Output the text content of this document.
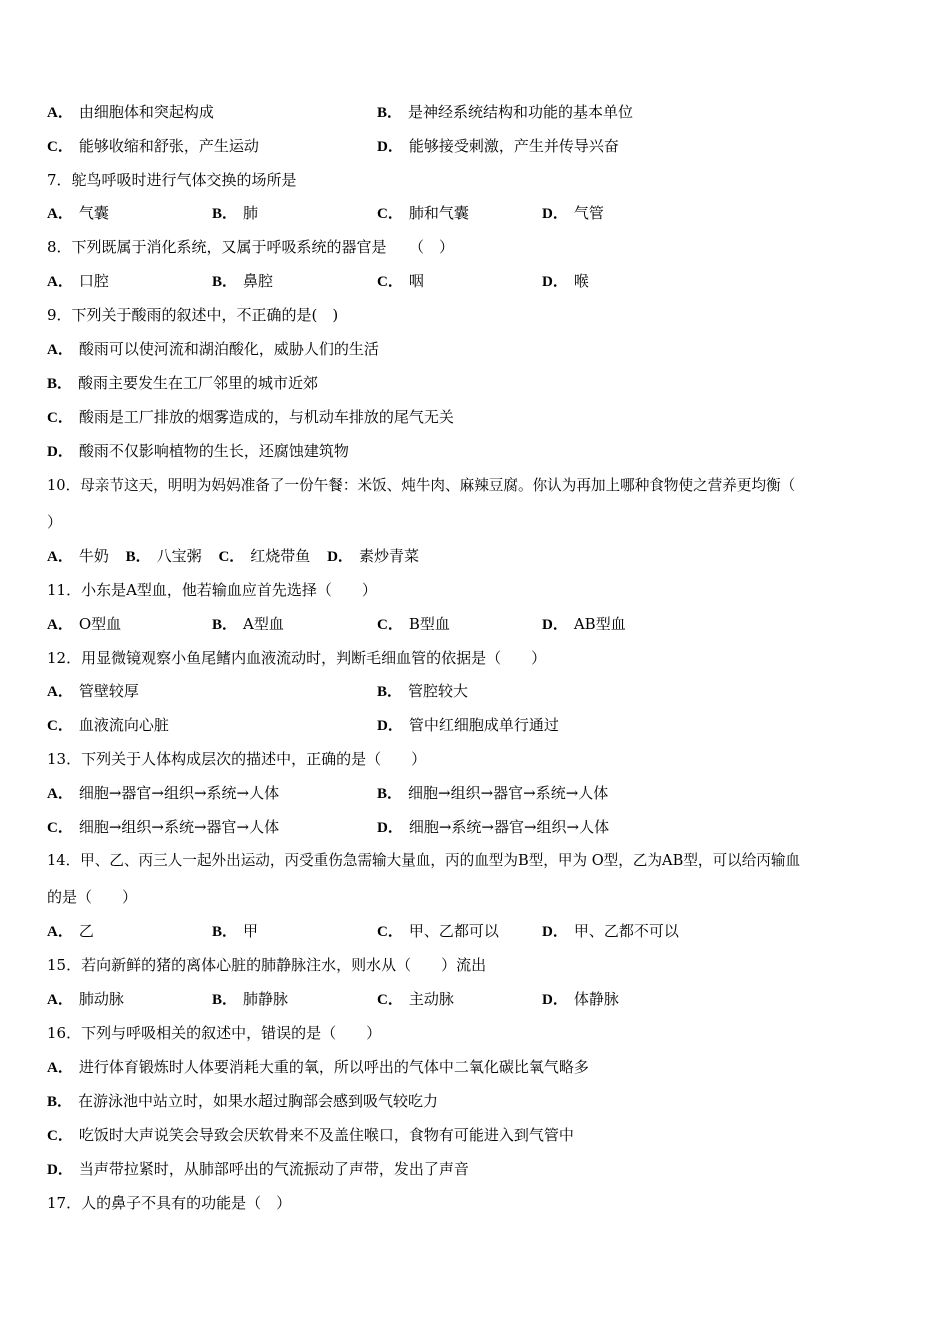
A． 由细胞体和突起构成	B． 是神经系统结构和功能的基本单位
C． 能够收缩和舒张，产生运动	D． 能够接受刺激，产生并传导兴奋
7．鸵鸟呼吸时进行气体交换的场所是
A． 气囊	B． 肺	C． 肺和气囊	D． 气管
8．下列既属于消化系统，又属于呼吸系统的器官是　　（　）
A． 口腔	B． 鼻腔	C． 咽	D． 喉
9．下列关于酸雨的叙述中，不正确的是(　)
A． 酸雨可以使河流和湖泊酸化，威胁人们的生活
B． 酸雨主要发生在工厂邻里的城市近郊
C． 酸雨是工厂排放的烟雾造成的，与机动车排放的尾气无关
D． 酸雨不仅影响植物的生长，还腐蚀建筑物
10．母亲节这天，明明为妈妈准备了一份午餐：米饭、炖牛肉、麻辣豆腐。你认为再加上哪种食物使之营养更均衡（
）
A． 牛奶 B． 八宝粥 C． 红烧带鱼 D． 素炒青菜
11．小东是A型血，他若输血应首先选择（　　）
A． O型血	B． A型血	C． B型血	D． AB型血
12．用显微镜观察小鱼尾鳍内血液流动时，判断毛细血管的依据是（　　）
A． 管壁较厚	B． 管腔较大
C． 血液流向心脏	D． 管中红细胞成单行通过
13．下列关于人体构成层次的描述中，正确的是（　　）
A． 细胞→器官→组织→系统→人体	B． 细胞→组织→器官→系统→人体
C． 细胞→组织→系统→器官→人体	D． 细胞→系统→器官→组织→人体
14．甲、乙、丙三人一起外出运动，丙受重伤急需输大量血，丙的血型为B型，甲为 O型，乙为AB型，可以给丙输血
的是（　　）
A． 乙	B． 甲	C． 甲、乙都可以	D． 甲、乙都不可以
15．若向新鲜的猪的离体心脏的肺静脉注水，则水从（　　）流出
A． 肺动脉	B． 肺静脉	C． 主动脉	D． 体静脉
16．下列与呼吸相关的叙述中，错误的是（　　）
A． 进行体育锻炼时人体要消耗大重的氧，所以呼出的气体中二氧化碳比氧气略多
B． 在游泳池中站立时，如果水超过胸部会感到吸气较吃力
C． 吃饭时大声说笑会导致会厌软骨来不及盖住喉口，食物有可能进入到气管中
D． 当声带拉紧时，从肺部呼出的气流振动了声带，发出了声音
17．人的鼻子不具有的功能是（　）
